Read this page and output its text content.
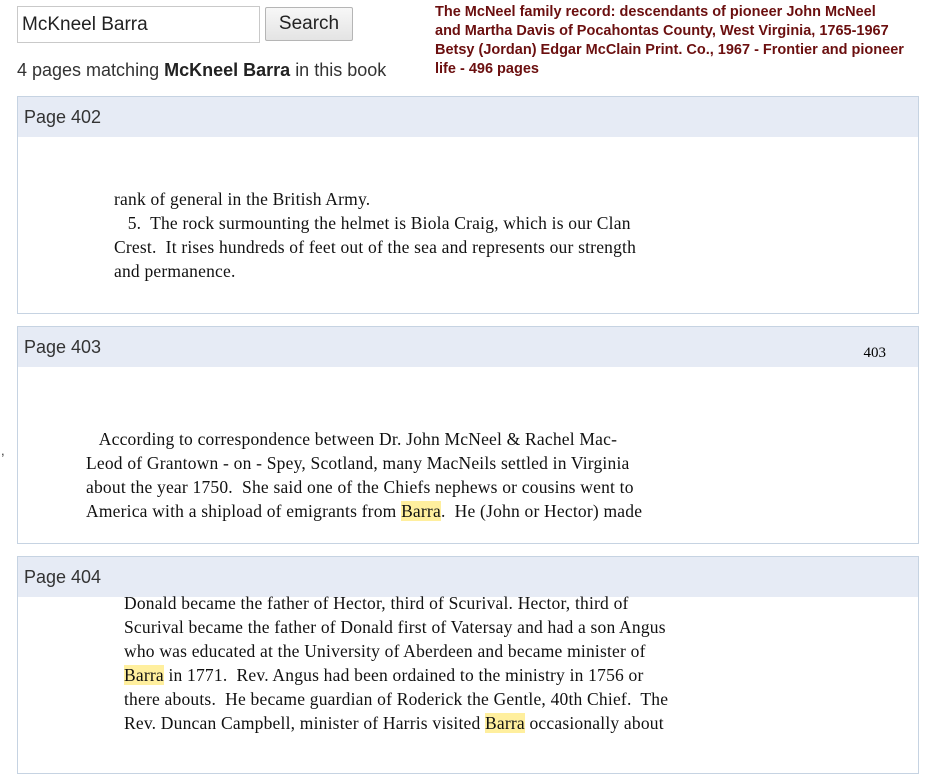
McKneel Barra
Search
4 pages matching McKneel Barra in this book
The McNeel family record: descendants of pioneer John McNeel and Martha Davis of Pocahontas County, West Virginia, 1765-1967
Betsy (Jordan) Edgar McClain Print. Co., 1967 - Frontier and pioneer life - 496 pages
,
Page 402
rank of general in the British Army.
5.  The rock surmounting the helmet is Biola Craig, which is our Clan
Crest.  It rises hundreds of feet out of the sea and represents our strength
and permanence.
Page 403	403
According to correspondence between Dr. John McNeel & Rachel Mac-
Leod of Grantown - on - Spey, Scotland, many MacNeils settled in Virginia
about the year 1750.  She said one of the Chiefs nephews or cousins went to
America with a shipload of emigrants from Barra.  He (John or Hector) made
Page 404
Donald became the father of Hector, third of Scurival. Hector, third of
Scurival became the father of Donald first of Vatersay and had a son Angus
who was educated at the University of Aberdeen and became minister of
Barra in 1771.  Rev. Angus had been ordained to the ministry in 1756 or
there abouts.  He became guardian of Roderick the Gentle, 40th Chief.  The
Rev. Duncan Campbell, minister of Harris visited Barra occasionally about
